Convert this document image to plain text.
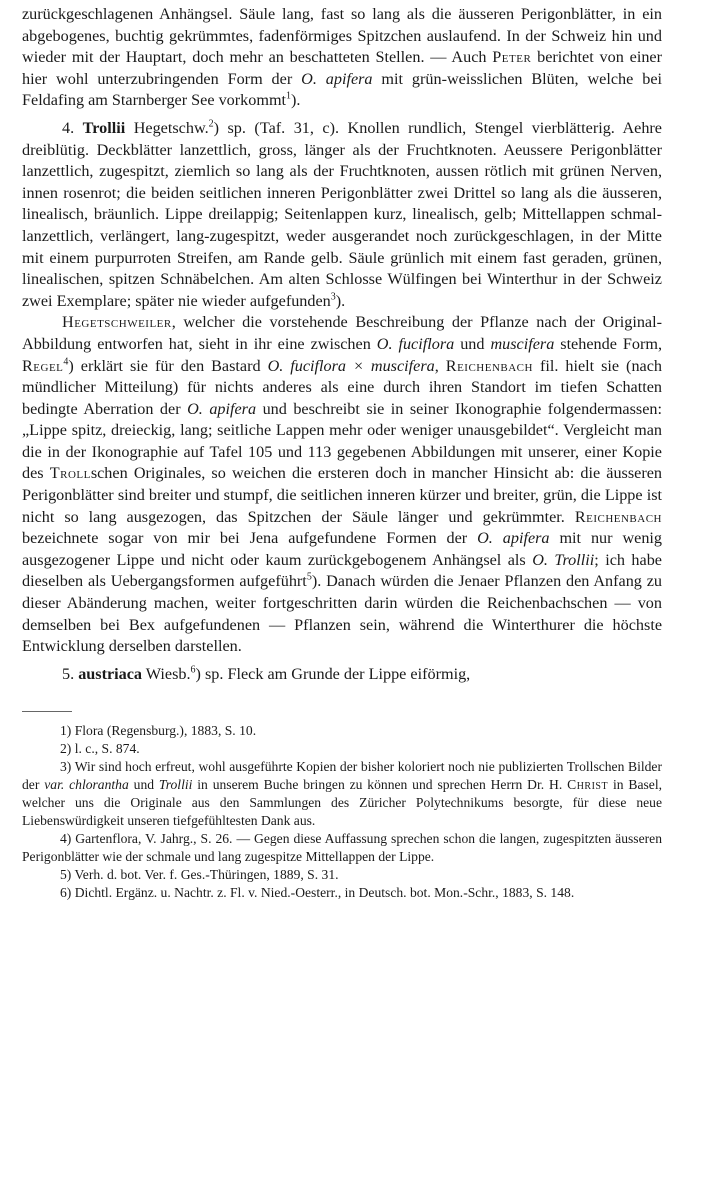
zurückgeschlagenen Anhängsel. Säule lang, fast so lang als die äusseren Perigonblätter, in ein abgebogenes, buchtig gekrümmtes, fadenförmiges Spitzchen auslaufend. In der Schweiz hin und wieder mit der Hauptart, doch mehr an beschatteten Stellen. — Auch Peter berichtet von einer hier wohl unterzubringenden Form der O. apifera mit grün-weisslichen Blüten, welche bei Feldafing am Starnberger See vorkommt$^1$).

4. Trollii Hegetschw.$^2$) sp. (Taf. 31, c). Knollen rundlich, Stengel vierblätterig. Aehre dreiblütig. Deckblätter lanzettlich, gross, länger als der Fruchtknoten. Aeussere Perigonblätter lanzettlich, zugespitzt, ziemlich so lang als der Fruchtknoten, aussen rötlich mit grünen Nerven, innen rosenrot; die beiden seitlichen inneren Perigonblätter zwei Drittel so lang als die äusseren, linealisch, bräunlich. Lippe dreilappig; Seitenlappen kurz, linealisch, gelb; Mittellappen schmal-lanzettlich, verlängert, lang-zugespitzt, weder ausgerandet noch zurückgeschlagen, in der Mitte mit einem purpurroten Streifen, am Rande gelb. Säule grünlich mit einem fast geraden, grünen, linealischen, spitzen Schnäbelchen. Am alten Schlosse Wülfingen bei Winterthur in der Schweiz zwei Exemplare; später nie wieder aufgefunden$^3$).

Hegetschweiler, welcher die vorstehende Beschreibung der Pflanze nach der Original-Abbildung entworfen hat, sieht in ihr eine zwischen O. fuciflora und muscifera stehende Form, Regel$^4$) erklärt sie für den Bastard O. fuciflora × muscifera, Reichenbach fil. hielt sie (nach mündlicher Mitteilung) für nichts anderes als eine durch ihren Standort im tiefen Schatten bedingte Aberration der O. apifera und beschreibt sie in seiner Ikonographie folgendermassen: „Lippe spitz, dreieckig, lang; seitliche Lappen mehr oder weniger unausgebildet“. Vergleicht man die in der Ikonographie auf Tafel 105 und 113 gegebenen Abbildungen mit unserer, einer Kopie des Trollschen Originales, so weichen die ersteren doch in mancher Hinsicht ab: die äusseren Perigonblätter sind breiter und stumpf, die seitlichen inneren kürzer und breiter, grün, die Lippe ist nicht so lang ausgezogen, das Spitzchen der Säule länger und gekrümmter. Reichenbach bezeichnete sogar von mir bei Jena aufgefundene Formen der O. apifera mit nur wenig ausgezogener Lippe und nicht oder kaum zurückgebogenem Anhängsel als O. Trollii; ich habe dieselben als Uebergangsformen aufgeführt$^5$). Danach würden die Jenaer Pflanzen den Anfang zu dieser Abänderung machen, weiter fortgeschritten darin würden die Reichenbachschen — von demselben bei Bex aufgefundenen — Pflanzen sein, während die Winterthurer die höchste Entwicklung derselben darstellen.

5. austriaca Wiesb.$^6$) sp. Fleck am Grunde der Lippe eiförmig,

1) Flora (Regensburg.), 1883, S. 10.

2) l. c., S. 874.

3) Wir sind hoch erfreut, wohl ausgeführte Kopien der bisher koloriert noch nie publizierten Trollschen Bilder der var. chlorantha und Trollii in unserem Buche bringen zu können und sprechen Herrn Dr. H. Christ in Basel, welcher uns die Originale aus den Sammlungen des Züricher Polytechnikums besorgte, für diese neue Liebenswürdigkeit unseren tiefgefühltesten Dank aus.

4) Gartenflora, V. Jahrg., S. 26. — Gegen diese Auffassung sprechen schon die langen, zugespitzten äusseren Perigonblätter wie der schmale und lang zugespitze Mittellappen der Lippe.

5) Verh. d. bot. Ver. f. Ges.-Thüringen, 1889, S. 31.

6) Dichtl. Ergänz. u. Nachtr. z. Fl. v. Nied.-Oesterr., in Deutsch. bot. Mon.-Schr., 1883, S. 148.
